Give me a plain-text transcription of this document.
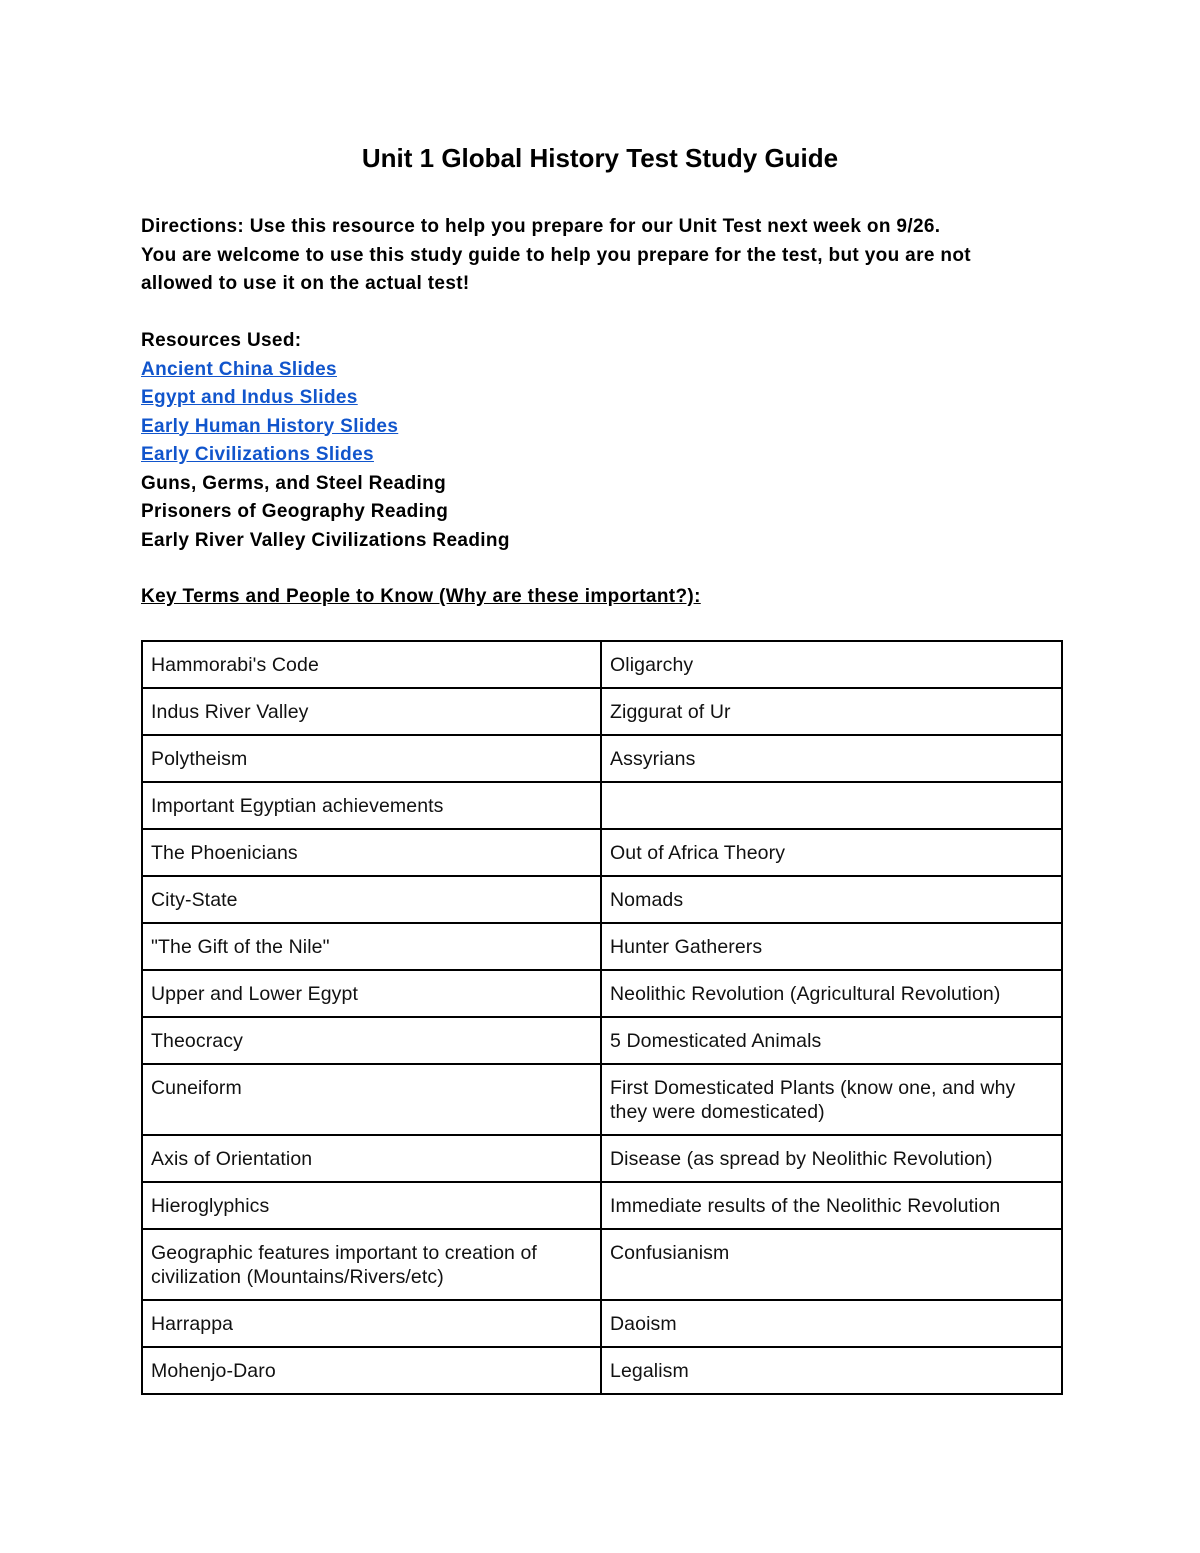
Unit 1 Global History Test Study Guide
Directions: Use this resource to help you prepare for our Unit Test next week on 9/26.
You are welcome to use this study guide to help you prepare for the test, but you are not
allowed to use it on the actual test!
Resources Used:
Ancient China Slides
Egypt and Indus Slides
Early Human History Slides
Early Civilizations Slides
Guns, Germs, and Steel Reading
Prisoners of Geography Reading
Early River Valley Civilizations Reading
Key Terms and People to Know (Why are these important?):
Hammorabi's Code	Oligarchy
Indus River Valley	Ziggurat of Ur
Polytheism	Assyrians
Important Egyptian achievements	
The Phoenicians	Out of Africa Theory
City-State	Nomads
"The Gift of the Nile"	Hunter Gatherers
Upper and Lower Egypt	Neolithic Revolution (Agricultural Revolution)
Theocracy	5 Domesticated Animals
Cuneiform	First Domesticated Plants (know one, and why they were domesticated)
Axis of Orientation	Disease (as spread by Neolithic Revolution)
Hieroglyphics	Immediate results of the Neolithic Revolution
Geographic features important to creation of civilization (Mountains/Rivers/etc)	Confusianism
Harrappa	Daoism
Mohenjo-Daro	Legalism
